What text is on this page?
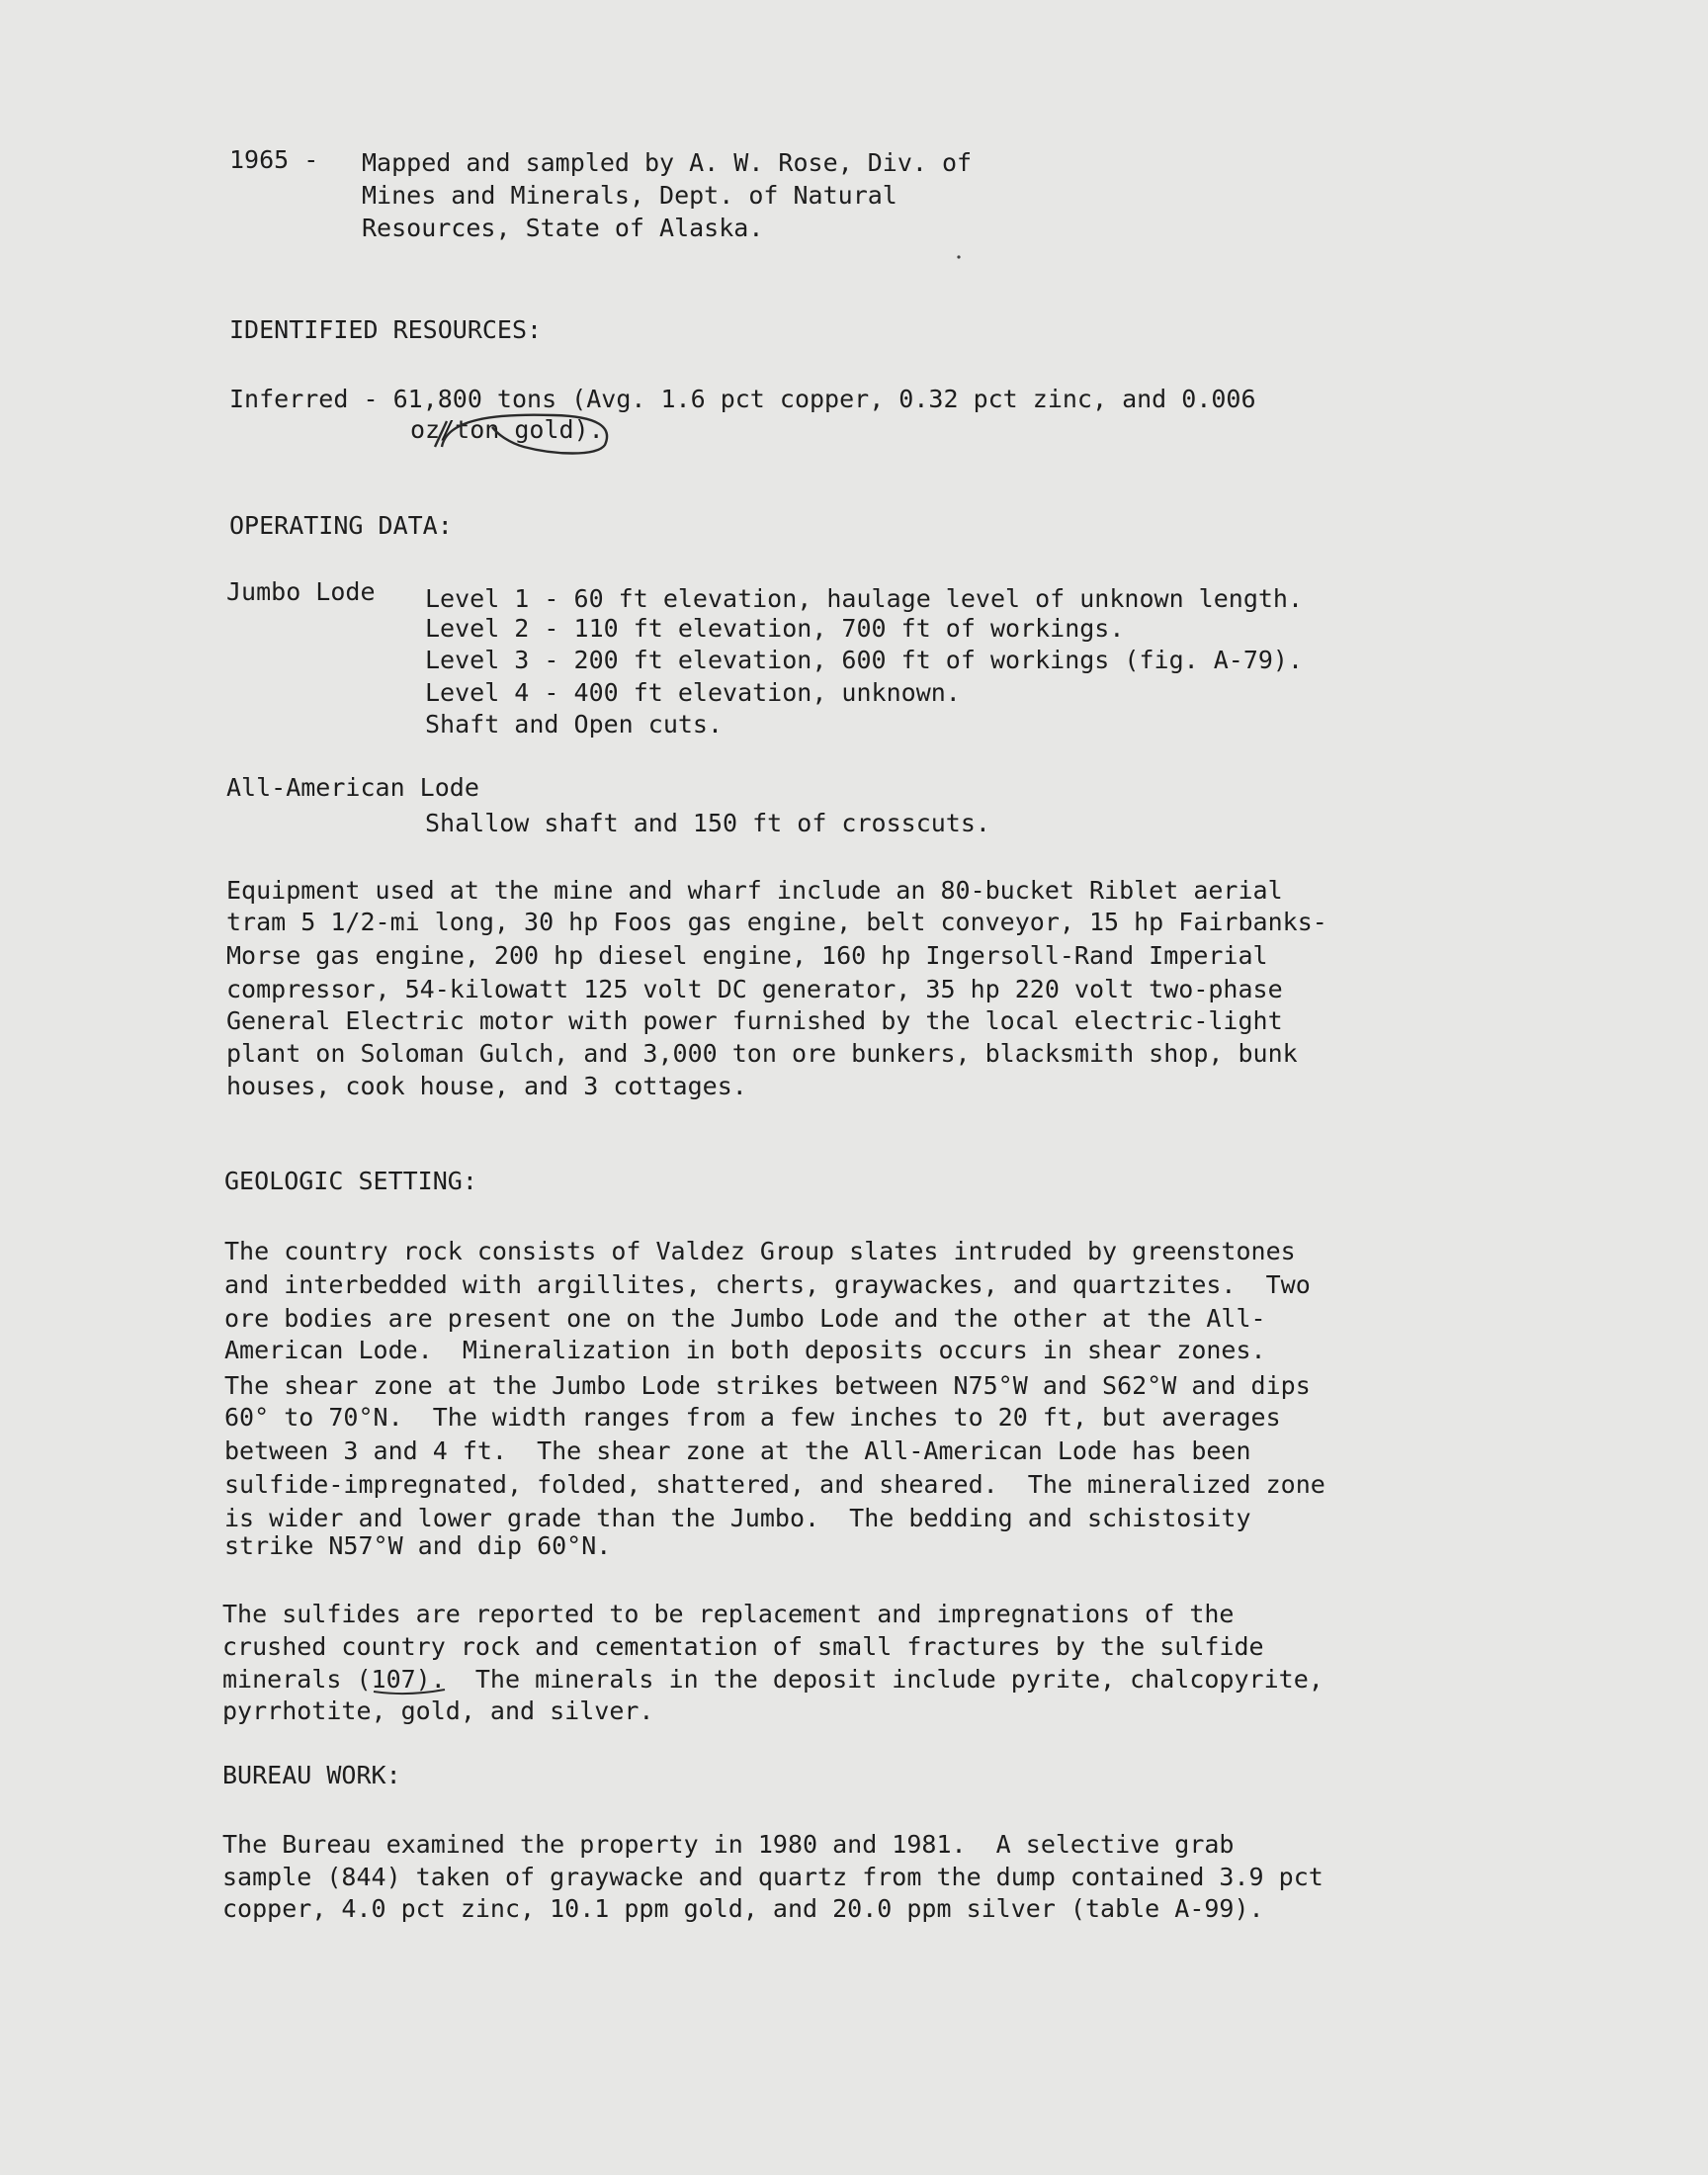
1965 - Mapped and sampled by A. W. Rose, Div. of
Mines and Minerals, Dept. of Natural
Resources, State of Alaska.
IDENTIFIED RESOURCES:
Inferred - 61,800 tons (Avg. 1.6 pct copper, 0.32 pct zinc, and 0.006
oz/ton gold).
OPERATING DATA:
Jumbo Lode Level 1 - 60 ft elevation, haulage level of unknown length.
Level 2 - 110 ft elevation, 700 ft of workings.
Level 3 - 200 ft elevation, 600 ft of workings (fig. A-79).
Level 4 - 400 ft elevation, unknown.
Shaft and Open cuts.
All-American Lode
Shallow shaft and 150 ft of crosscuts.
Equipment used at the mine and wharf include an 80-bucket Riblet aerial
tram 5 1/2-mi long, 30 hp Foos gas engine, belt conveyor, 15 hp Fairbanks-
Morse gas engine, 200 hp diesel engine, 160 hp Ingersoll-Rand Imperial
compressor, 54-kilowatt 125 volt DC generator, 35 hp 220 volt two-phase
General Electric motor with power furnished by the local electric-light
plant on Soloman Gulch, and 3,000 ton ore bunkers, blacksmith shop, bunk
houses, cook house, and 3 cottages.
GEOLOGIC SETTING:
The country rock consists of Valdez Group slates intruded by greenstones
and interbedded with argillites, cherts, graywackes, and quartzites.  Two
ore bodies are present one on the Jumbo Lode and the other at the All-
American Lode.  Mineralization in both deposits occurs in shear zones.
The shear zone at the Jumbo Lode strikes between N75°W and S62°W and dips
60° to 70°N.  The width ranges from a few inches to 20 ft, but averages
between 3 and 4 ft.  The shear zone at the All-American Lode has been
sulfide-impregnated, folded, shattered, and sheared.  The mineralized zone
is wider and lower grade than the Jumbo.  The bedding and schistosity
strike N57°W and dip 60°N.
The sulfides are reported to be replacement and impregnations of the
crushed country rock and cementation of small fractures by the sulfide
minerals (107).  The minerals in the deposit include pyrite, chalcopyrite,
pyrrhotite, gold, and silver.
BUREAU WORK:
The Bureau examined the property in 1980 and 1981.  A selective grab
sample (844) taken of graywacke and quartz from the dump contained 3.9 pct
copper, 4.0 pct zinc, 10.1 ppm gold, and 20.0 ppm silver (table A-99).
